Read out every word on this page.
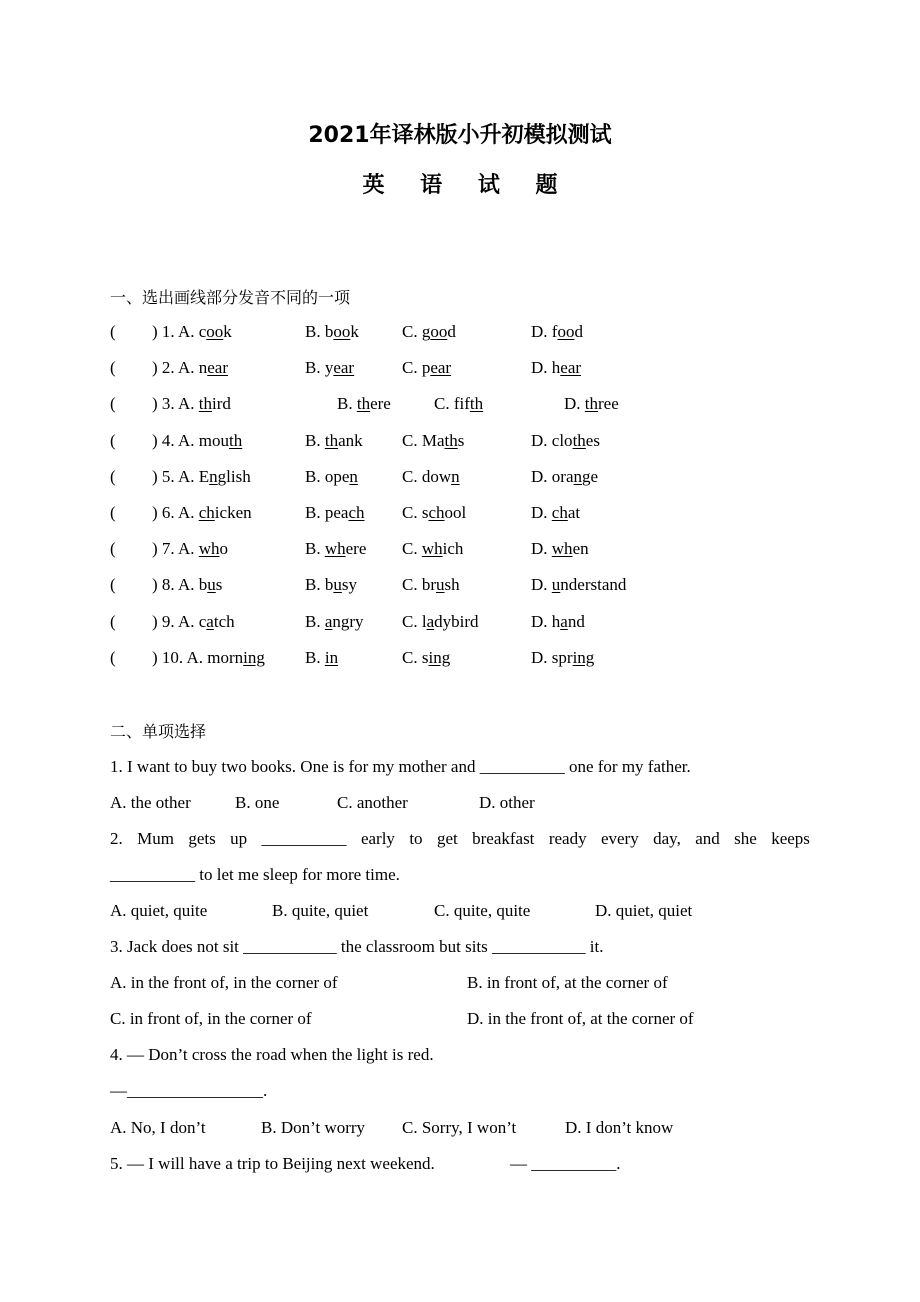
2021年译林版小升初模拟测试
英 语 试 题
一、选出画线部分发音不同的一项
( ) 1. A. cook	B. book	C. good	D. food
( ) 2. A. near	B. year	C. pear	D. hear
( ) 3. A. third	B. there	C. fifth	D. three
( ) 4. A. mouth	B. thank C. Maths	D. clothes
( ) 5. A. English	B. open	C. down	D. orange
( ) 6. A. chicken	B. peach C. school	D. chat
( ) 7. A. who	B. where C. which	D. when
( ) 8. A. bus	B. busy	C. brush	D. understand
( ) 9. A. catch	B. angry C. ladybird	D. hand
( ) 10. A. morning B. in	C. sing	D. spring
二、单项选择
1. I want to buy two books. One is for my mother and __________ one for my father.
A. the other	B. one	C. another	D. other
2. Mum gets up __________ early to get breakfast ready every day, and she keeps
__________ to let me sleep for more time.
A. quiet, quite	B. quite, quiet	C. quite, quite	D. quiet, quiet
3. Jack does not sit ___________ the classroom but sits ___________ it.
A. in the front of, in the corner of	B. in front of, at the corner of
C. in front of, in the corner of	D. in the front of, at the corner of
4. — Don’t cross the road when the light is red.
—________________.
A. No, I don’t	B. Don’t worry C. Sorry, I won’t	D. I don’t know
5. — I will have a trip to Beijing next weekend.	— __________.
